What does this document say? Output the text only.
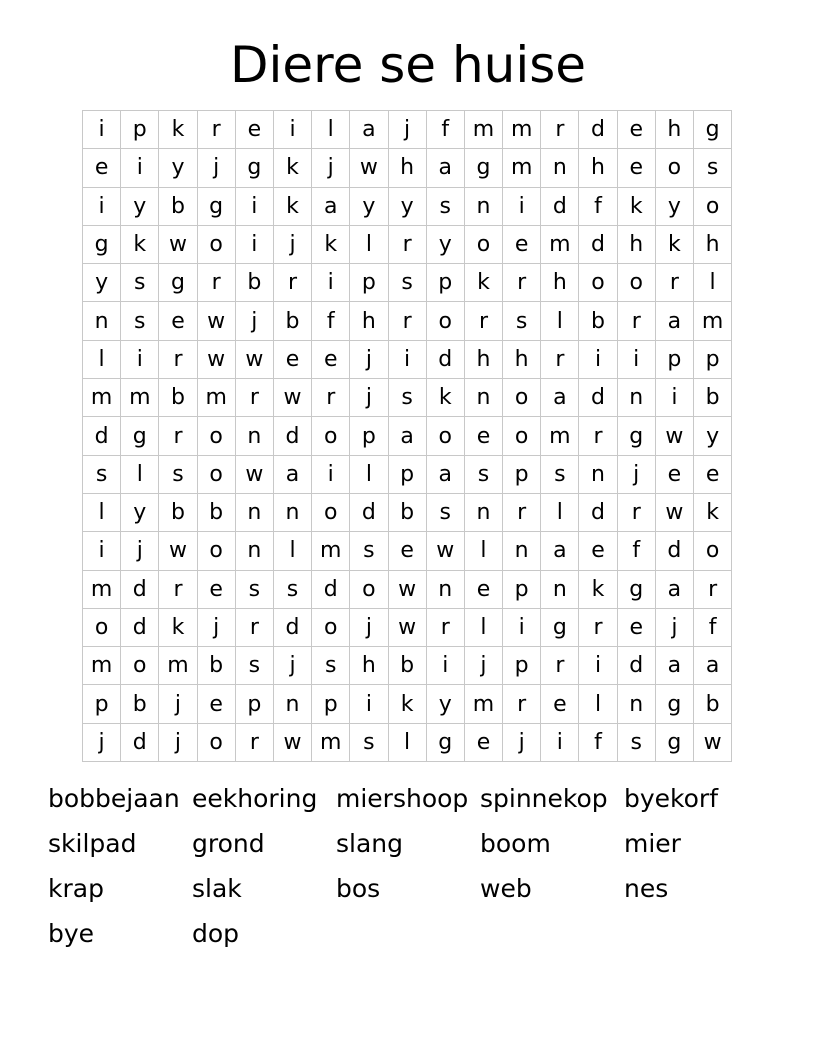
Diere se huise
i	p	k	r	e	i	l	a	j	f	m	m	r	d	e	h	g
e	i	y	j	g	k	j	w	h	a	g	m	n	h	e	o	s
i	y	b	g	i	k	a	y	y	s	n	i	d	f	k	y	o
g	k	w	o	i	j	k	l	r	y	o	e	m	d	h	k	h
y	s	g	r	b	r	i	p	s	p	k	r	h	o	o	r	l
n	s	e	w	j	b	f	h	r	o	r	s	l	b	r	a	m
l	i	r	w	w	e	e	j	i	d	h	h	r	i	i	p	p
m	m	b	m	r	w	r	j	s	k	n	o	a	d	n	i	b
d	g	r	o	n	d	o	p	a	o	e	o	m	r	g	w	y
s	l	s	o	w	a	i	l	p	a	s	p	s	n	j	e	e
l	y	b	b	n	n	o	d	b	s	n	r	l	d	r	w	k
i	j	w	o	n	l	m	s	e	w	l	n	a	e	f	d	o
m	d	r	e	s	s	d	o	w	n	e	p	n	k	g	a	r
o	d	k	j	r	d	o	j	w	r	l	i	g	r	e	j	f
m	o	m	b	s	j	s	h	b	i	j	p	r	i	d	a	a
p	b	j	e	p	n	p	i	k	y	m	r	e	l	n	g	b
j	d	j	o	r	w	m	s	l	g	e	j	i	f	s	g	w
bobbejaan eekhoring miershoop spinnekop byekorf
skilpad	grond	slang	boom	mier
krap	slak	bos	web	nes
bye	dop
